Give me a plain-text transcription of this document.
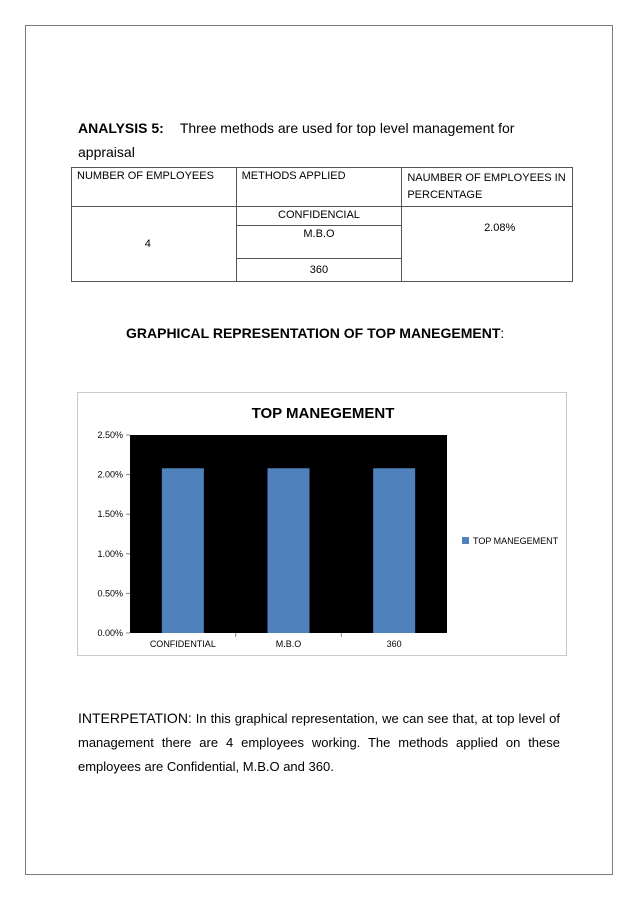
ANALYSIS 5: Three methods are used for top level management for appraisal
NUMBER OF EMPLOYEES	METHODS APPLIED	NAUMBER OF EMPLOYEES IN PERCENTAGE
4	CONFIDENCIAL	2.08%
	M.B.O	
	360	
GRAPHICAL REPRESENTATION OF TOP MANEGEMENT:
TOP MANEGEMENT
0.00%
0.50%
1.00%
1.50%
2.00%
2.50%
CONFIDENTIAL	M.B.O	360
TOP MANEGEMENT
INTERPETATION: In this graphical representation, we can see that, at top level of management there are 4 employees working. The methods applied on these employees are Confidential, M.B.O and 360.
